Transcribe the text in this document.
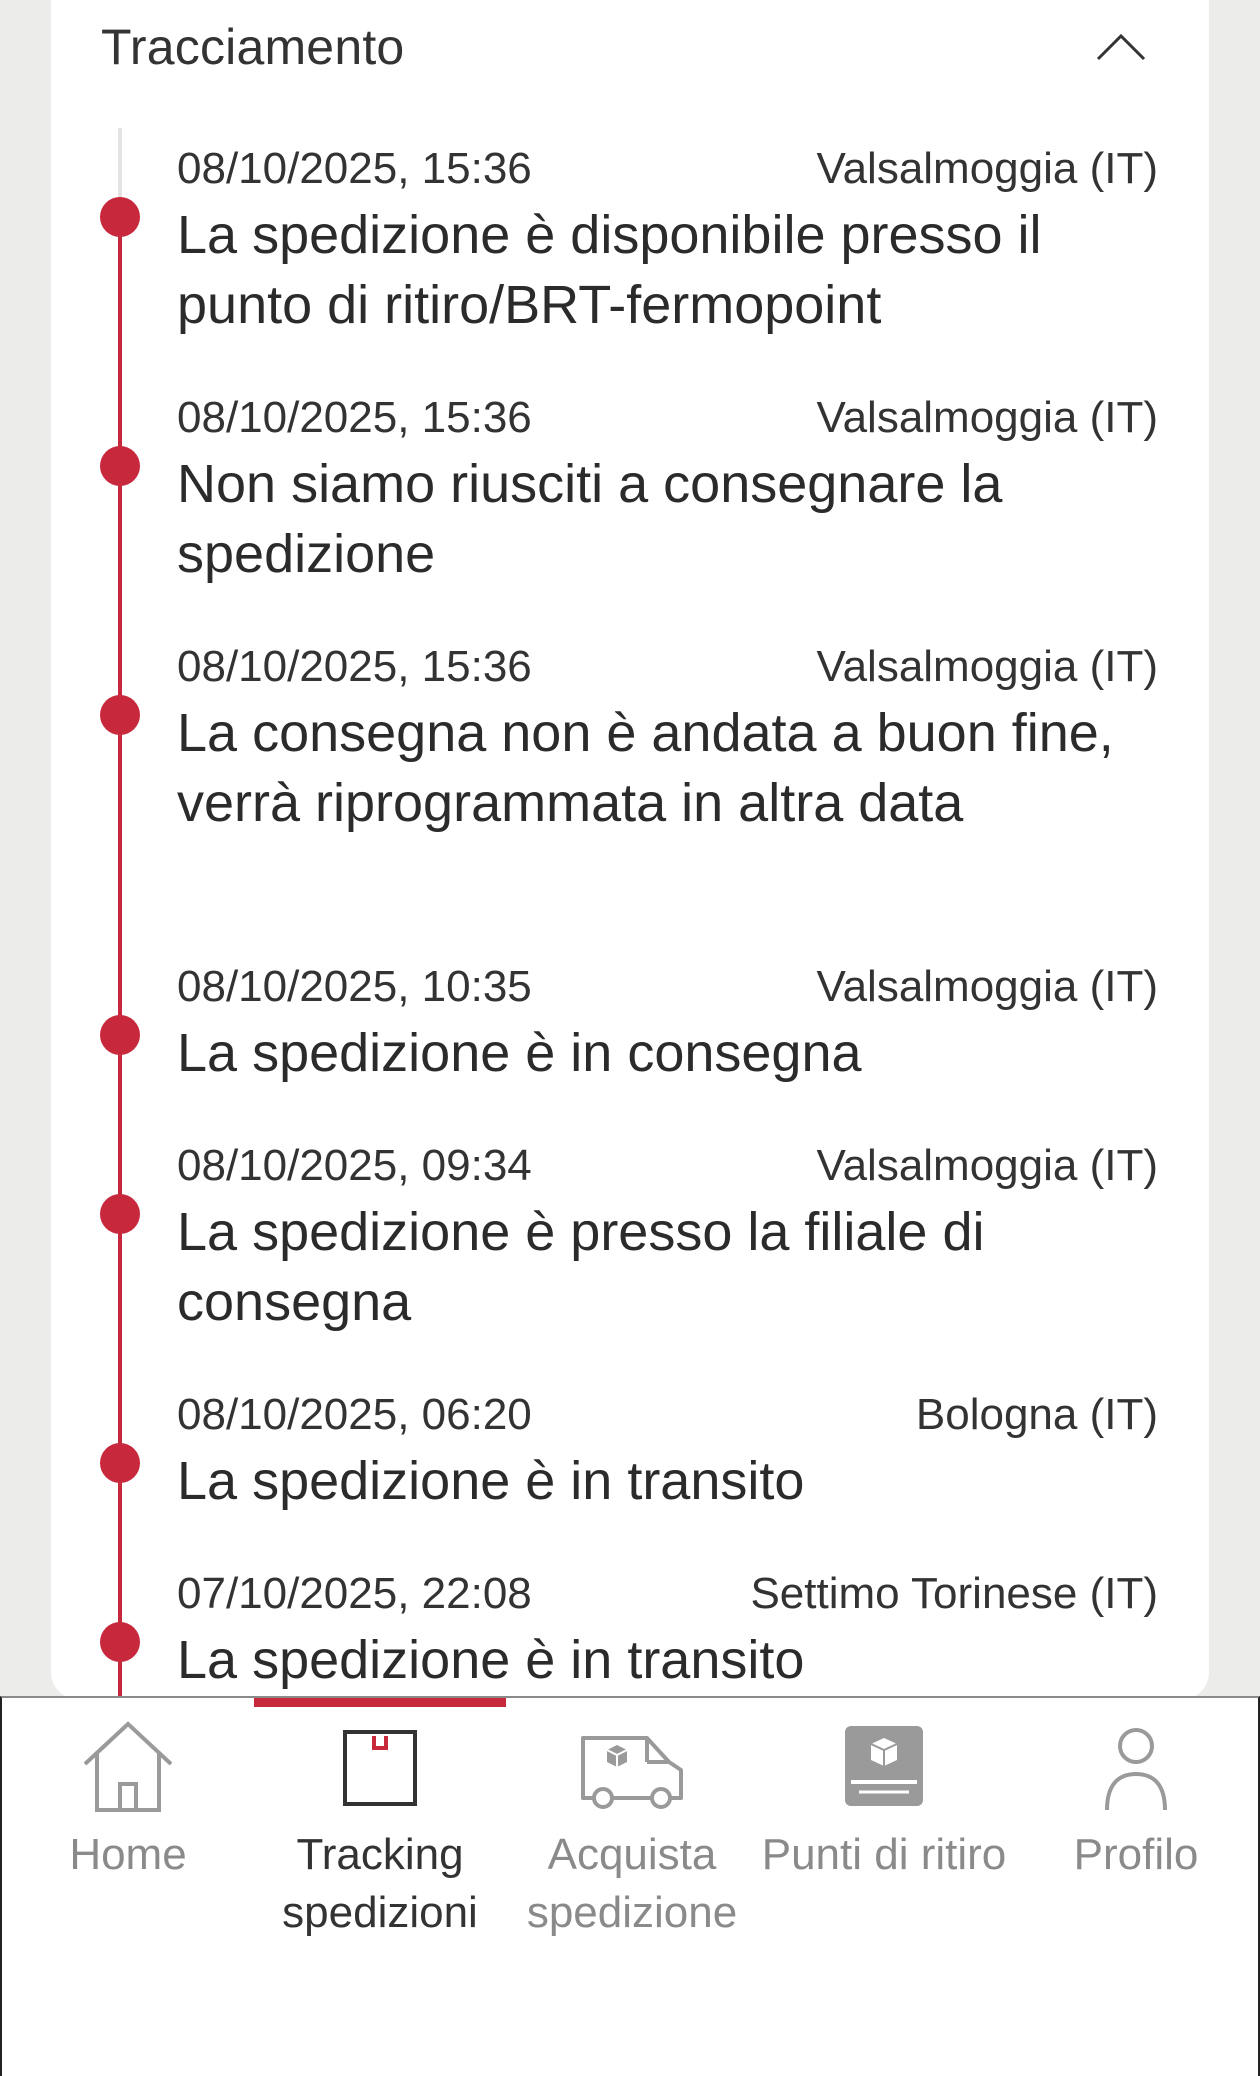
Tracciamento
08/10/2025, 15:36	Valsalmoggia (IT)
La spedizione è disponibile presso il punto di ritiro/BRT-fermopoint
08/10/2025, 15:36	Valsalmoggia (IT)
Non siamo riusciti a consegnare la spedizione
08/10/2025, 15:36	Valsalmoggia (IT)
La consegna non è andata a buon fine, verrà riprogrammata in altra data
08/10/2025, 10:35	Valsalmoggia (IT)
La spedizione è in consegna
08/10/2025, 09:34	Valsalmoggia (IT)
La spedizione è presso la filiale di consegna
08/10/2025, 06:20	Bologna (IT)
La spedizione è in transito
07/10/2025, 22:08	Settimo Torinese (IT)
La spedizione è in transito
Home	Tracking spedizioni
Acquista spedizione
Punti di ritiro	Profilo
